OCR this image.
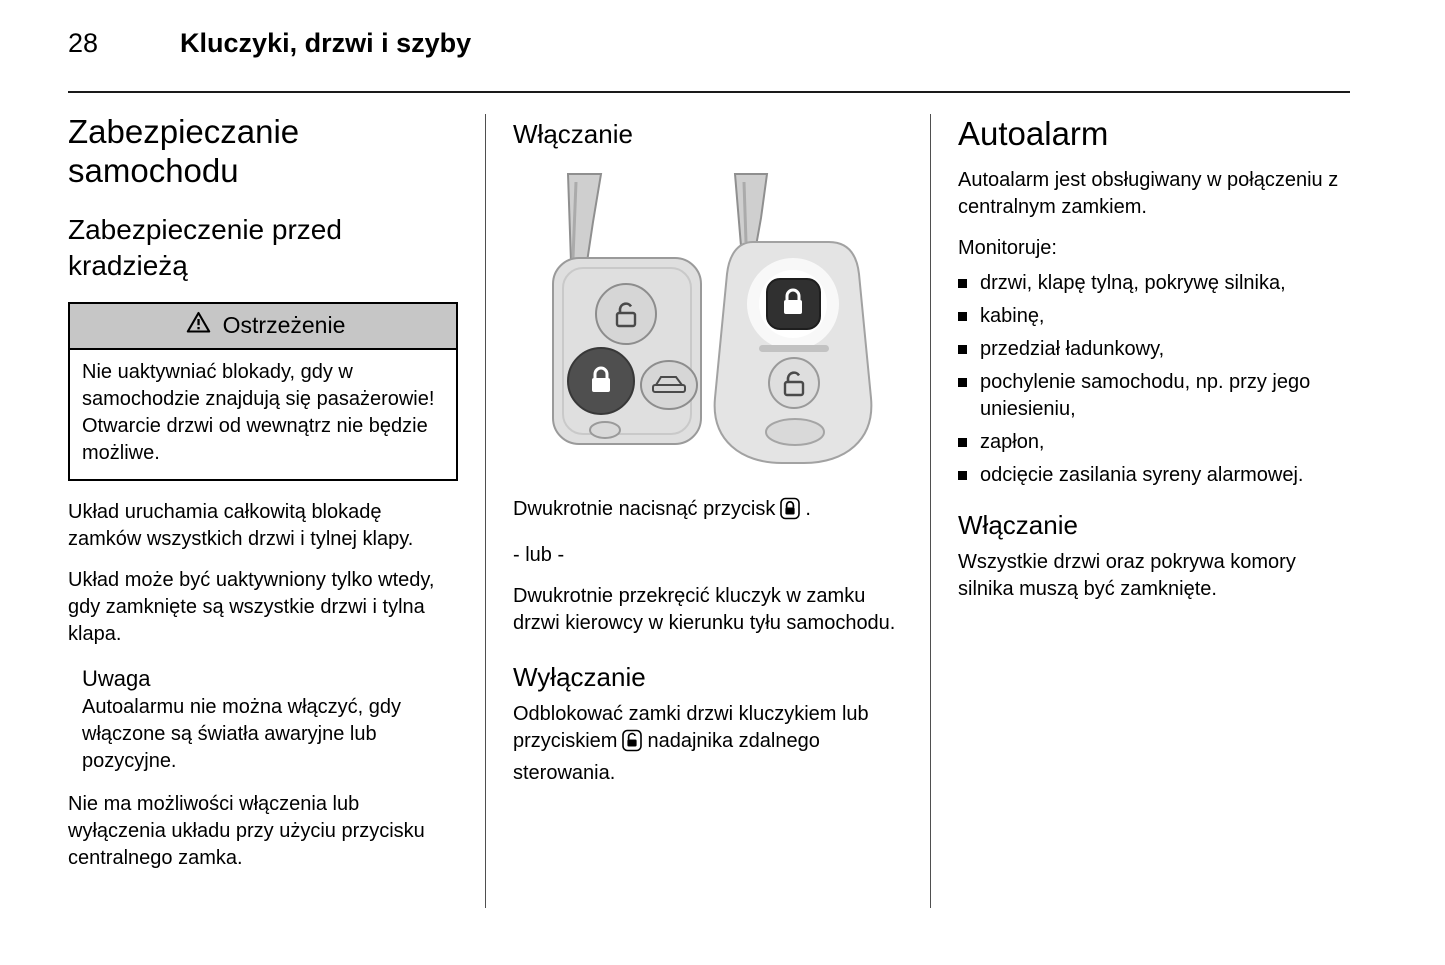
28	Kluczyki, drzwi i szyby
Zabezpieczanie samochodu
Zabezpieczenie przed kradzieżą
Ostrzeżenie
Nie uaktywniać blokady, gdy w samochodzie znajdują się pasażerowie! Otwarcie drzwi od wewnątrz nie będzie możliwe.

Układ uruchamia całkowitą blokadę zamków wszystkich drzwi i tylnej klapy.

Układ może być uaktywniony tylko wtedy, gdy zamknięte są wszystkie drzwi i tylna klapa.

Uwaga
Autoalarmu nie można włączyć, gdy włączone są światła awaryjne lub pozycyjne.

Nie ma możliwości włączenia lub wyłączenia układu przy użyciu przycisku centralnego zamka.

Włączanie

Dwukrotnie nacisnąć przycisk .

- lub -

Dwukrotnie przekręcić kluczyk w zamku drzwi kierowcy w kierunku tyłu samochodu.

Wyłączanie

Odblokować zamki drzwi kluczykiem lub przyciskiem nadajnika zdalnego sterowania.

Autoalarm

Autoalarm jest obsługiwany w połączeniu z centralnym zamkiem.

Monitoruje:

drzwi, klapę tylną, pokrywę silnika,
kabinę,
przedział ładunkowy,
pochylenie samochodu, np. przy jego uniesieniu,
zapłon,
odcięcie zasilania syreny alarmowej.
Włączanie

Wszystkie drzwi oraz pokrywa komory silnika muszą być zamknięte.
